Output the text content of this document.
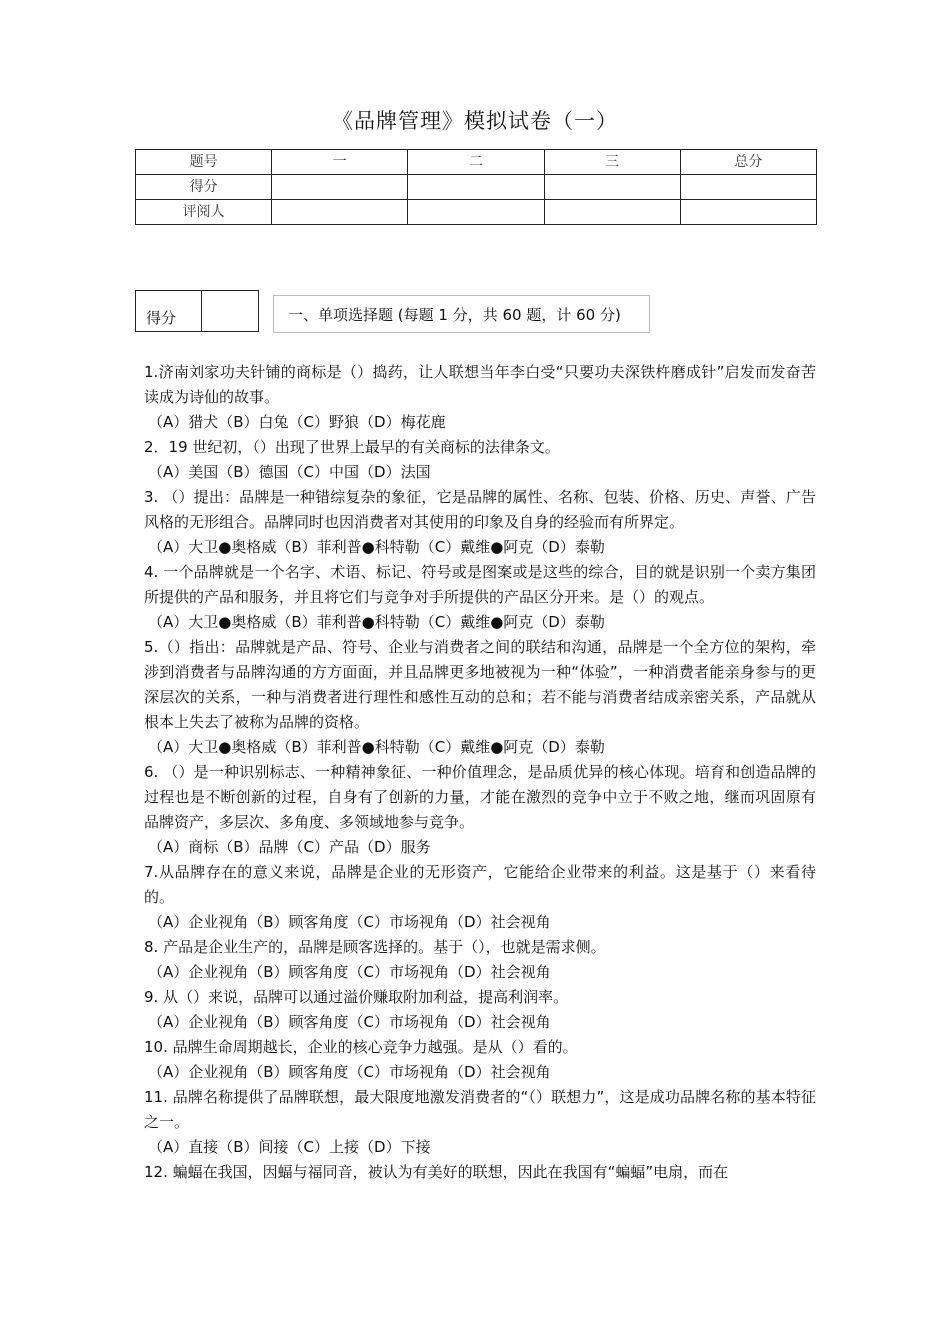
《品牌管理》模拟试卷（一）
题号	一	二	三	总分
得分				
评阅人				
得分	一、单项选择题 (每题 1 分，共 60 题，计 60 分)

1.济南刘家功夫针铺的商标是（）捣药，让人联想当年李白受“只要功夫深铁杵磨成针”启发而发奋苦读成为诗仙的故事。

（A）猎犬（B）白兔（C）野狼（D）梅花鹿

2．19 世纪初，（）出现了世界上最早的有关商标的法律条文。

（A）美国（B）德国（C）中国（D）法国

3. （）提出：品牌是一种错综复杂的象征，它是品牌的属性、名称、包装、价格、历史、声誉、广告风格的无形组合。品牌同时也因消费者对其使用的印象及自身的经验而有所界定。

（A）大卫●奥格威（B）菲利普●科特勒（C）戴维●阿克（D）泰勒

4. 一个品牌就是一个名字、术语、标记、符号或是图案或是这些的综合，目的就是识别一个卖方集团所提供的产品和服务，并且将它们与竞争对手所提供的产品区分开来。是（）的观点。

（A）大卫●奥格威（B）菲利普●科特勒（C）戴维●阿克（D）泰勒

5.（）指出：品牌就是产品、符号、企业与消费者之间的联结和沟通，品牌是一个全方位的架构，牵涉到消费者与品牌沟通的方方面面，并且品牌更多地被视为一种“体验”，一种消费者能亲身参与的更深层次的关系，一种与消费者进行理性和感性互动的总和；若不能与消费者结成亲密关系，产品就从根本上失去了被称为品牌的资格。

（A）大卫●奥格威（B）菲利普●科特勒（C）戴维●阿克（D）泰勒

6. （）是一种识别标志、一种精神象征、一种价值理念，是品质优异的核心体现。培育和创造品牌的过程也是不断创新的过程，自身有了创新的力量，才能在激烈的竞争中立于不败之地，继而巩固原有品牌资产，多层次、多角度、多领域地参与竞争。

（A）商标（B）品牌（C）产品（D）服务

7.从品牌存在的意义来说，品牌是企业的无形资产，它能给企业带来的利益。这是基于（）来看待的。

（A）企业视角（B）顾客角度（C）市场视角（D）社会视角

8. 产品是企业生产的，品牌是顾客选择的。基于（），也就是需求侧。

（A）企业视角（B）顾客角度（C）市场视角（D）社会视角

9. 从（）来说，品牌可以通过溢价赚取附加利益，提高利润率。

（A）企业视角（B）顾客角度（C）市场视角（D）社会视角

10. 品牌生命周期越长，企业的核心竞争力越强。是从（）看的。

（A）企业视角（B）顾客角度（C）市场视角（D）社会视角

11. 品牌名称提供了品牌联想，最大限度地激发消费者的“（）联想力”，这是成功品牌名称的基本特征之一。

（A）直接（B）间接（C）上接（D）下接

12. 蝙蝠在我国，因蝠与福同音，被认为有美好的联想，因此在我国有“蝙蝠”电扇，而在
